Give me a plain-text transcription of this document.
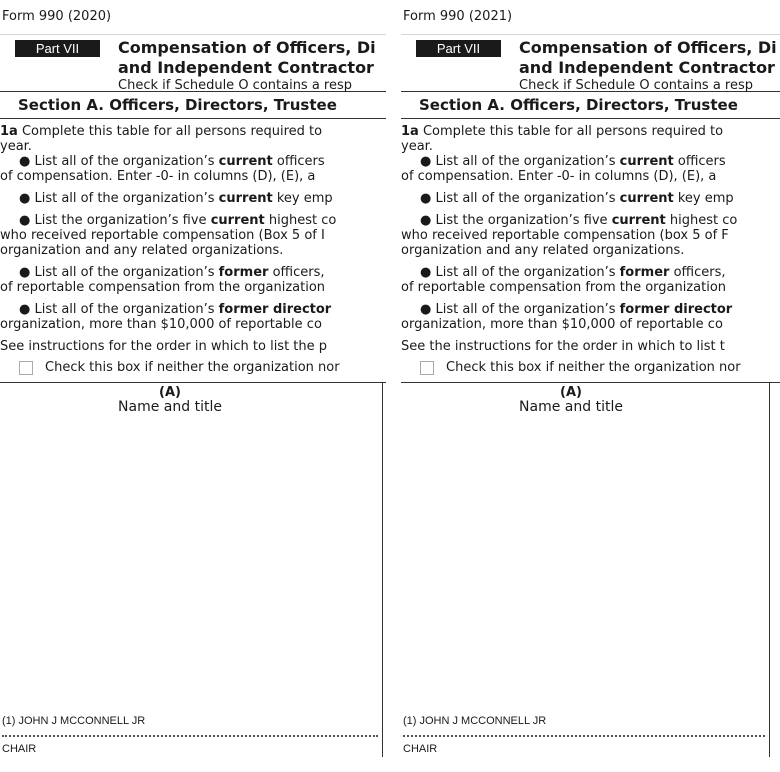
Form 990 (2020)
Part VII	Compensation of Officers, Di
and Independent Contractor
Check if Schedule O contains a resp
Section A. Officers, Directors, Trustee
1a Complete this table for all persons required to
year.
● List all of the organization’s current officers
of compensation. Enter -0- in columns (D), (E), a
● List all of the organization’s current key emp
● List the organization’s five current highest co
who received reportable compensation (Box 5 of I
organization and any related organizations.
● List all of the organization’s former officers,
of reportable compensation from the organization
● List all of the organization’s former director
organization, more than $10,000 of reportable co
See instructions for the order in which to list the p
Check this box if neither the organization nor
(A)
Name and title
(1) JOHN J MCCONNELL JR
CHAIR
Form 990 (2021)
Part VII	Compensation of Officers, Di
and Independent Contractor
Check if Schedule O contains a resp
Section A. Officers, Directors, Trustee
1a Complete this table for all persons required to
year.
● List all of the organization’s current officers
of compensation. Enter -0- in columns (D), (E), a
● List all of the organization’s current key emp
● List the organization’s five current highest co
who received reportable compensation (box 5 of F
organization and any related organizations.
● List all of the organization’s former officers,
of reportable compensation from the organization
● List all of the organization’s former director
organization, more than $10,000 of reportable co
See the instructions for the order in which to list t
Check this box if neither the organization nor
(A)
Name and title
(1) JOHN J MCCONNELL JR
CHAIR
